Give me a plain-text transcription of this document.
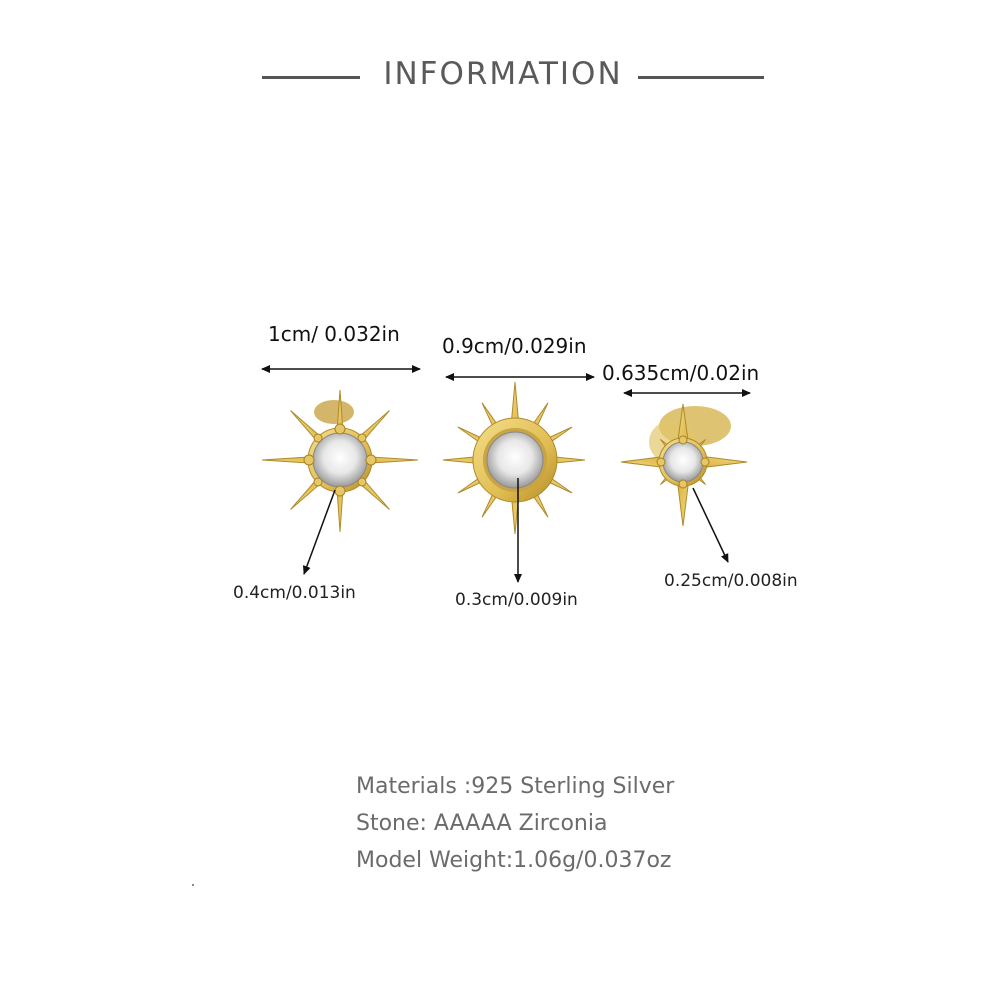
INFORMATION
1cm/ 0.032in 0.9cm/0.029in
0.635cm/0.02in
0.4cm/0.013in	0.3cm/0.009in
0.25cm/0.008in
Materials :925 Sterling Silver
Stone: AAAAA Zirconia
Model Weight:1.06g/0.037oz
